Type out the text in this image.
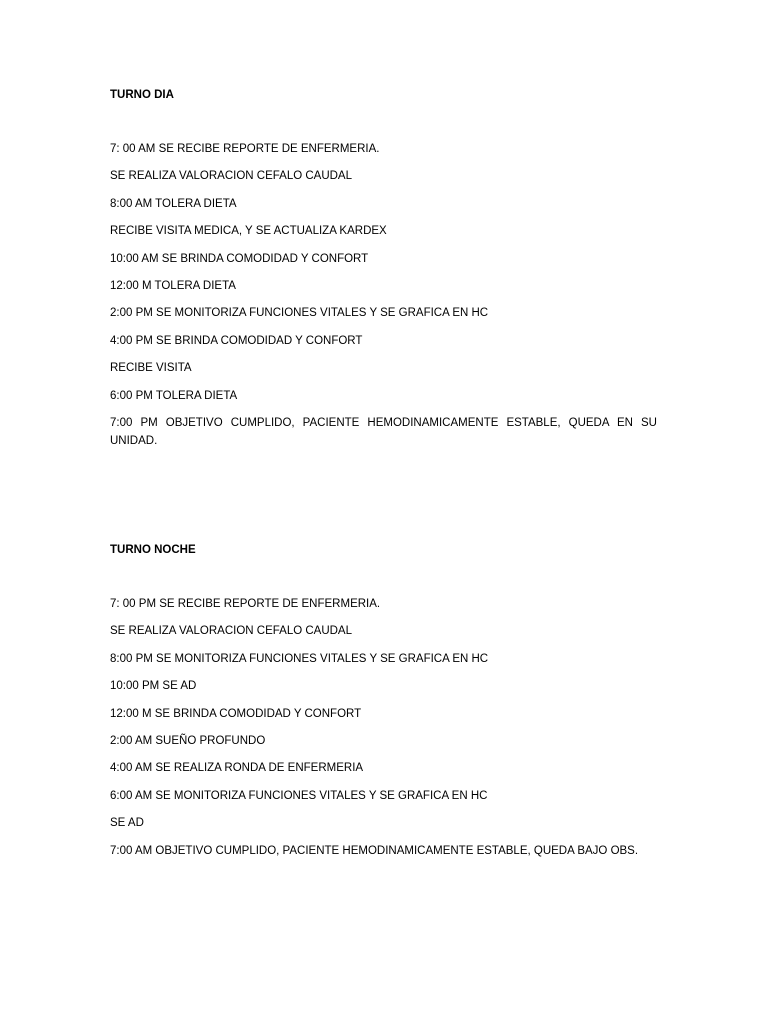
TURNO DIA
7: 00 AM SE RECIBE REPORTE DE ENFERMERIA.
SE REALIZA VALORACION CEFALO CAUDAL
8:00 AM TOLERA DIETA
RECIBE VISITA MEDICA, Y SE ACTUALIZA KARDEX
10:00 AM SE BRINDA COMODIDAD Y CONFORT
12:00 M TOLERA DIETA
2:00 PM SE MONITORIZA FUNCIONES VITALES Y SE GRAFICA EN HC
4:00 PM SE BRINDA COMODIDAD Y CONFORT
RECIBE VISITA
6:00 PM TOLERA DIETA
7:00 PM OBJETIVO CUMPLIDO, PACIENTE HEMODINAMICAMENTE ESTABLE, QUEDA EN SU UNIDAD.
TURNO NOCHE
7: 00 PM SE RECIBE REPORTE DE ENFERMERIA.
SE REALIZA VALORACION CEFALO CAUDAL
8:00 PM SE MONITORIZA FUNCIONES VITALES Y SE GRAFICA EN HC
10:00 PM SE AD
12:00 M SE BRINDA COMODIDAD Y CONFORT
2:00 AM SUEÑO PROFUNDO
4:00 AM SE REALIZA RONDA DE ENFERMERIA
6:00 AM SE MONITORIZA FUNCIONES VITALES Y SE GRAFICA EN HC
SE AD
7:00 AM OBJETIVO CUMPLIDO, PACIENTE HEMODINAMICAMENTE ESTABLE, QUEDA BAJO OBS.
